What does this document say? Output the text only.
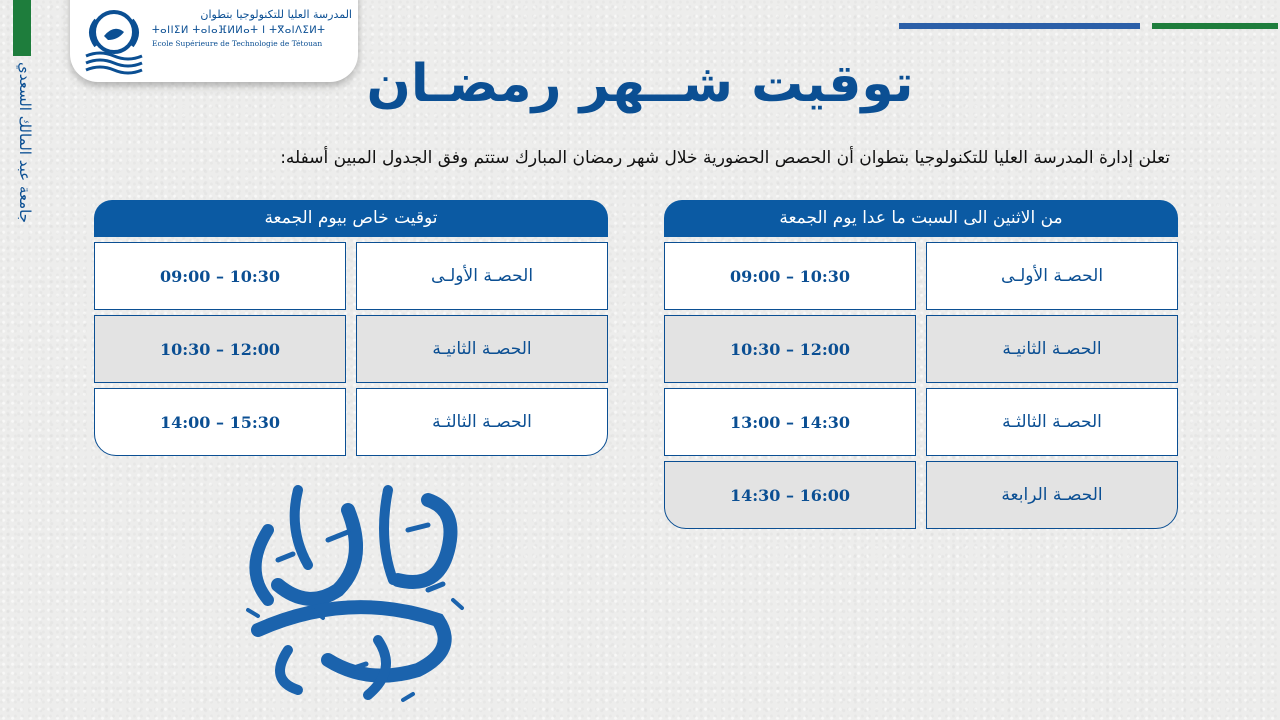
جامعة عبد المالك السعدي
المدرسة العليا للتكنولوجيا بتطوان
ⵜⴰⵏⵏⵉⵍ ⵜⴰⵏⴰⴼⵍⵍⴰⵜ ⵏ ⵜⴳⴰⵏⴷⵉⵍⵜ
Ecole Supérieure de Technologie de Tétouan
توقيت شــهر رمضـان
تعلن إدارة المدرسة العليا للتكنولوجيا بتطوان أن الحصص الحضورية خلال شهر رمضان المبارك ستتم وفق الجدول المبين أسفله:
من الاثنين الى السبت ما عدا يوم الجمعة
الحصـة الأولـى
09:00 – 10:30
الحصـة الثانيـة
10:30 – 12:00
الحصـة الثالثـة
13:00 – 14:30
الحصـة الرابعة
14:30 – 16:00
توقيت خاص بيوم الجمعة
الحصـة الأولـى
09:00 – 10:30
الحصـة الثانيـة
10:30 – 12:00
الحصـة الثالثـة
14:00 – 15:30
